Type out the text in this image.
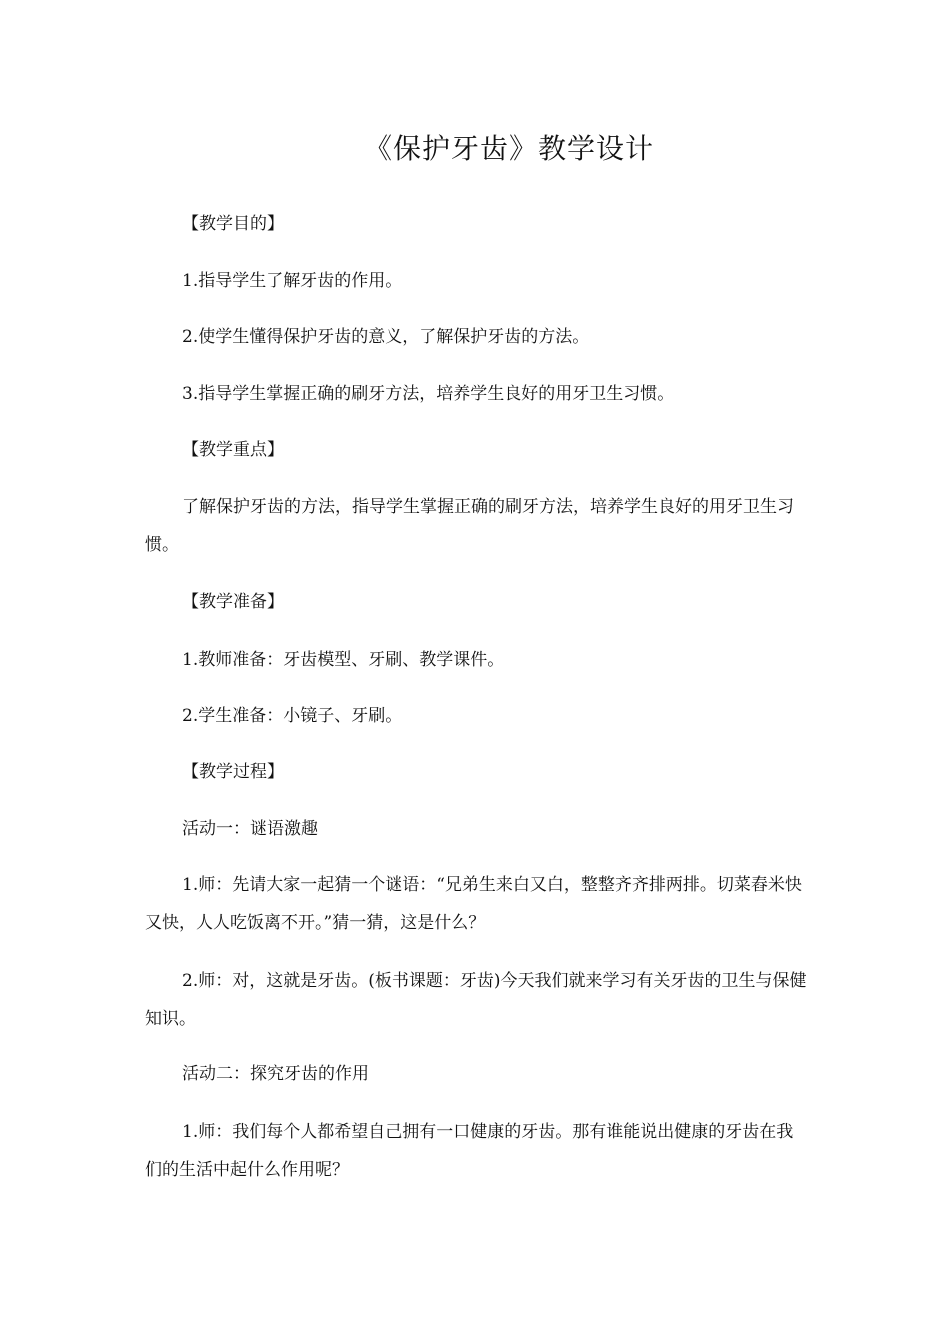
《保护牙齿》教学设计

【教学目的】

1.指导学生了解牙齿的作用。

2.使学生懂得保护牙齿的意义，了解保护牙齿的方法。

3.指导学生掌握正确的刷牙方法，培养学生良好的用牙卫生习惯。

【教学重点】

了解保护牙齿的方法，指导学生掌握正确的刷牙方法，培养学生良好的用牙卫生习惯。

【教学准备】

1.教师准备：牙齿模型、牙刷、教学课件。

2.学生准备：小镜子、牙刷。

【教学过程】

活动一：谜语激趣

1.师：先请大家一起猜一个谜语：“兄弟生来白又白，整整齐齐排两排。切菜舂米快又快，人人吃饭离不开。”猜一猜，这是什么？

2.师：对，这就是牙齿。(板书课题：牙齿)今天我们就来学习有关牙齿的卫生与保健知识。

活动二：探究牙齿的作用

1.师：我们每个人都希望自己拥有一口健康的牙齿。那有谁能说出健康的牙齿在我们的生活中起什么作用呢？
